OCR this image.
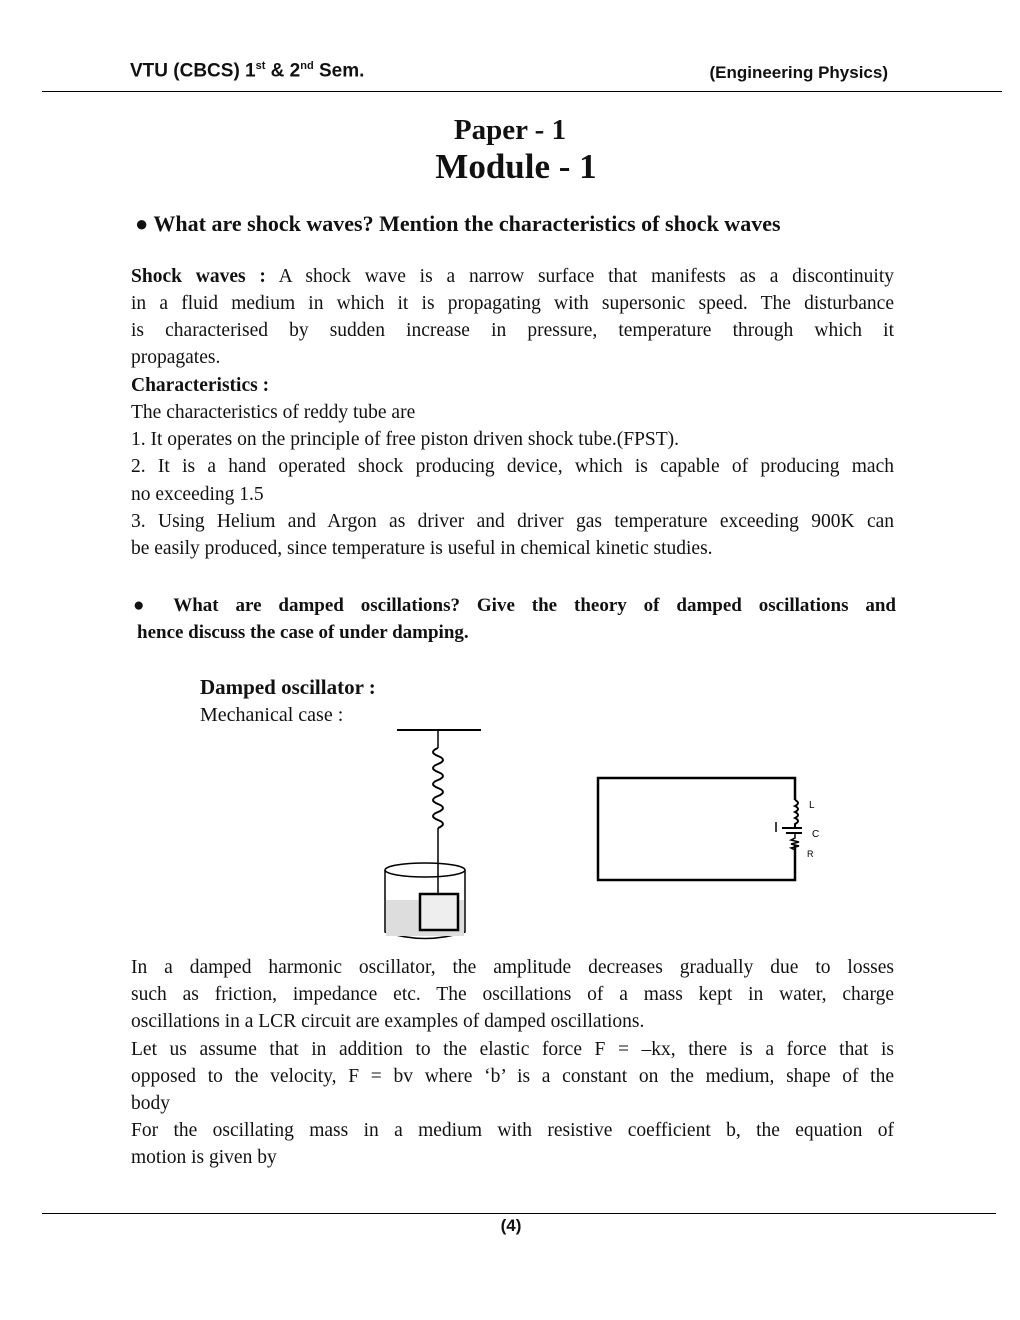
VTU (CBCS) 1st & 2nd Sem.	(Engineering Physics)
Paper - 1
Module - 1
● What are shock waves? Mention the characteristics of shock waves
Shock waves : A shock wave is a narrow surface that manifests as a discontinuity
in a fluid medium in which it is propagating with supersonic speed. The disturbance
is characterised by sudden increase in pressure, temperature through which it
propagates.
Characteristics :
The characteristics of reddy tube are
1. It operates on the principle of free piston driven shock tube.(FPST).
2. It is a hand operated shock producing device, which is capable of producing mach
no exceeding 1.5
3. Using Helium and Argon as driver and driver gas temperature exceeding 900K can
be easily produced, since temperature is useful in chemical kinetic studies.
● What are damped oscillations? Give the theory of damped oscillations and
hence discuss the case of under damping.
Damped oscillator :
Mechanical case :
L
C
R
In a damped harmonic oscillator, the amplitude decreases gradually due to losses
such as friction, impedance etc. The oscillations of a mass kept in water, charge
oscillations in a LCR circuit are examples of damped oscillations.
Let us assume that in addition to the elastic force F = –kx, there is a force that is
opposed to the velocity, F = bv where ‘b’ is a constant on the medium, shape of the
body
For the oscillating mass in a medium with resistive coefficient b, the equation of
motion is given by
(4)
